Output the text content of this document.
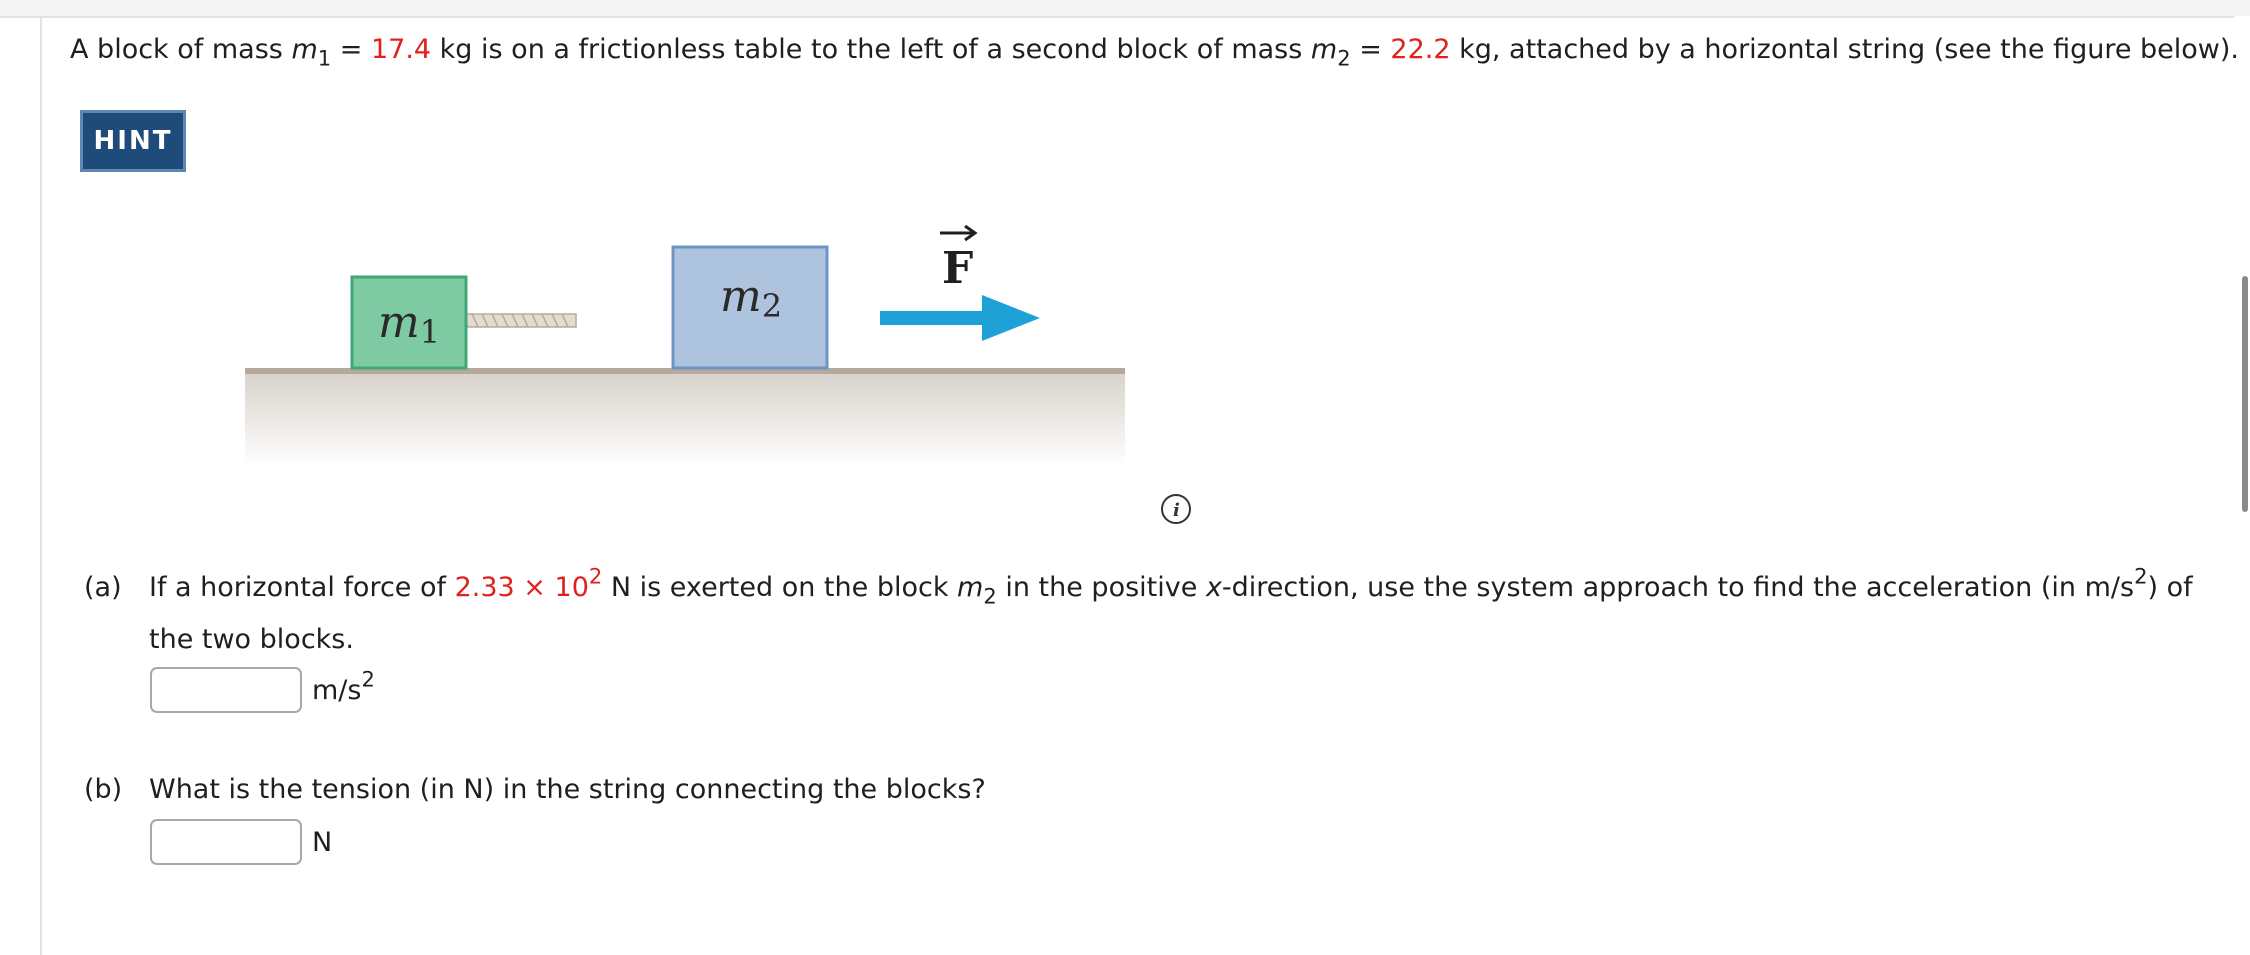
A block of mass $m_1 = 17.4$ kg is on a frictionless table to the left of a second block of mass $m_2 = 22.2$ kg, attached by a horizontal string (see the figure below).
HINT
m1
m2
F
i
(a) If a horizontal force of $2.33 \times 10^2$ N is exerted on the block $m_2$ in the positive x-direction, use the system approach to find the acceleration (in $m/s^2$) of the two blocks.
$m/s^2$
(b) What is the tension (in N) in the string connecting the blocks?
N
